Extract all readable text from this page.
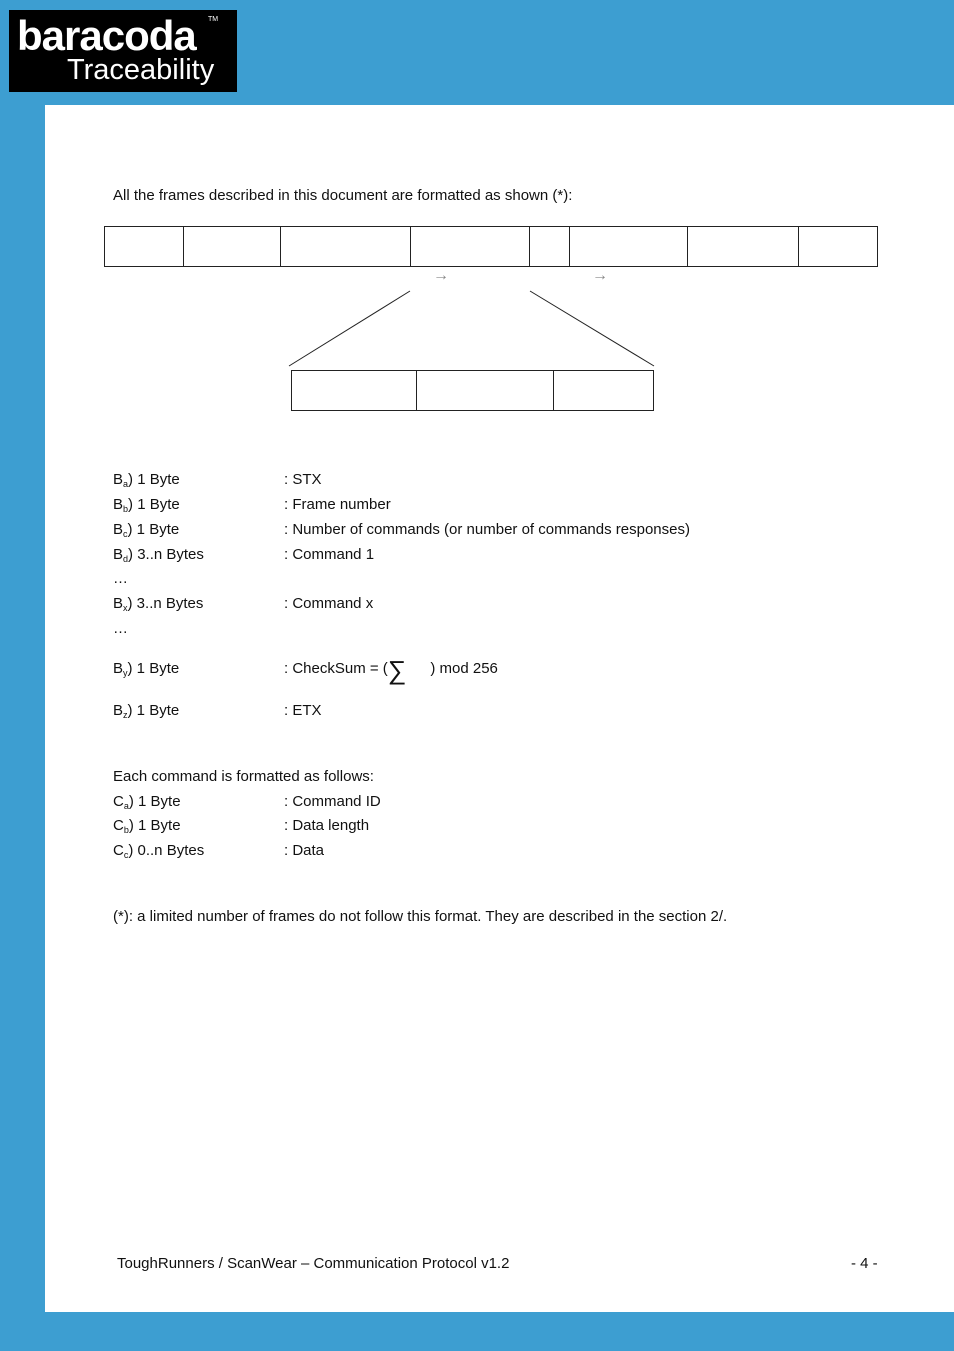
baracoda TM
Traceability
All the frames described in this document are formatted as shown (*):
→	→
$B_a$) 1 Byte	: STX
$B_b$) 1 Byte	: Frame number
$B_c$) 1 Byte	: Number of commands (or number of commands responses)
$B_d$) 3..n Bytes	: Command 1
…
$B_x$) 3..n Bytes	: Command x
…
$B_y$) 1 Byte	: CheckSum = (∑ ) mod 256
$B_z$) 1 Byte	: ETX
Each command is formatted as follows:
$C_a$) 1 Byte	: Command ID
$C_b$) 1 Byte	: Data length
$C_c$) 0..n Bytes	: Data
(*): a limited number of frames do not follow this format. They are described in the section 2/.
ToughRunners / ScanWear – Communication Protocol v1.2	- 4 -
